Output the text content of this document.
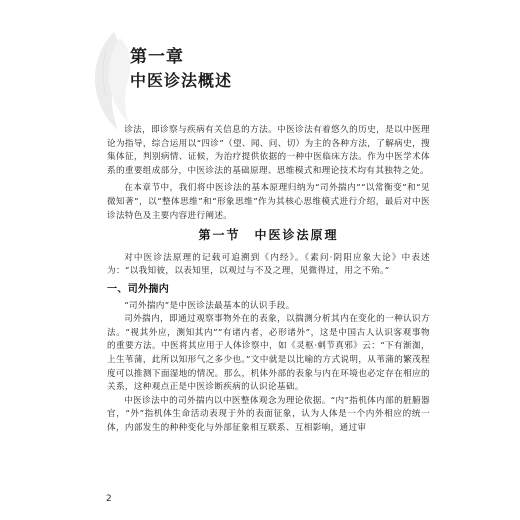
第一章
中医诊法概述

诊法，即诊察与疾病有关信息的方法。中医诊法有着悠久的历史，是以中医理论为指导，综合运用以“四诊”（望、闻、问、切）为主的各种方法，了解病史，搜集体征，判别病情、证候，为治疗提供依据的一种中医临床方法。作为中医学术体系的重要组成部分，中医诊法的基础原理、思维模式和理论技术均有其独特之处。

在本章节中，我们将中医诊法的基本原理归纳为“司外揣内”“以常衡变”和“见微知著”，以“整体思维”和“形象思维”作为其核心思维模式进行介绍，最后对中医诊法特色及主要内容进行阐述。

第一节　中医诊法原理

对中医诊法原理的记载可追溯到《内经》。《素问·阴阳应象大论》中表述为：“以我知彼，以表知里，以观过与不及之理，见微得过，用之不殆。”

一、司外揣内

“司外揣内”是中医诊法最基本的认识手段。

司外揣内，即通过观察事物外在的表象，以揣测分析其内在变化的一种认识方法。“视其外应，测知其内”“有诸内者，必形诸外”，这是中国古人认识客观事物的重要方法。中医将其应用于人体诊察中，如《灵枢·刺节真邪》云：“下有渐洳，上生苇蒲，此所以知形气之多少也。”文中就是以比喻的方式说明，从苇蒲的繁茂程度可以推测下面湿地的情况。那么，机体外部的表象与内在环境也必定存在相应的关系，这种观点正是中医诊断疾病的认识论基础。

中医诊法中的司外揣内以中医整体观念为理论依据。“内”指机体内部的脏腑器官，“外”指机体生命活动表现于外的表面征象，认为人体是一个内外相应的统一体，内部发生的种种变化与外部征象相互联系、互相影响，通过审

2
